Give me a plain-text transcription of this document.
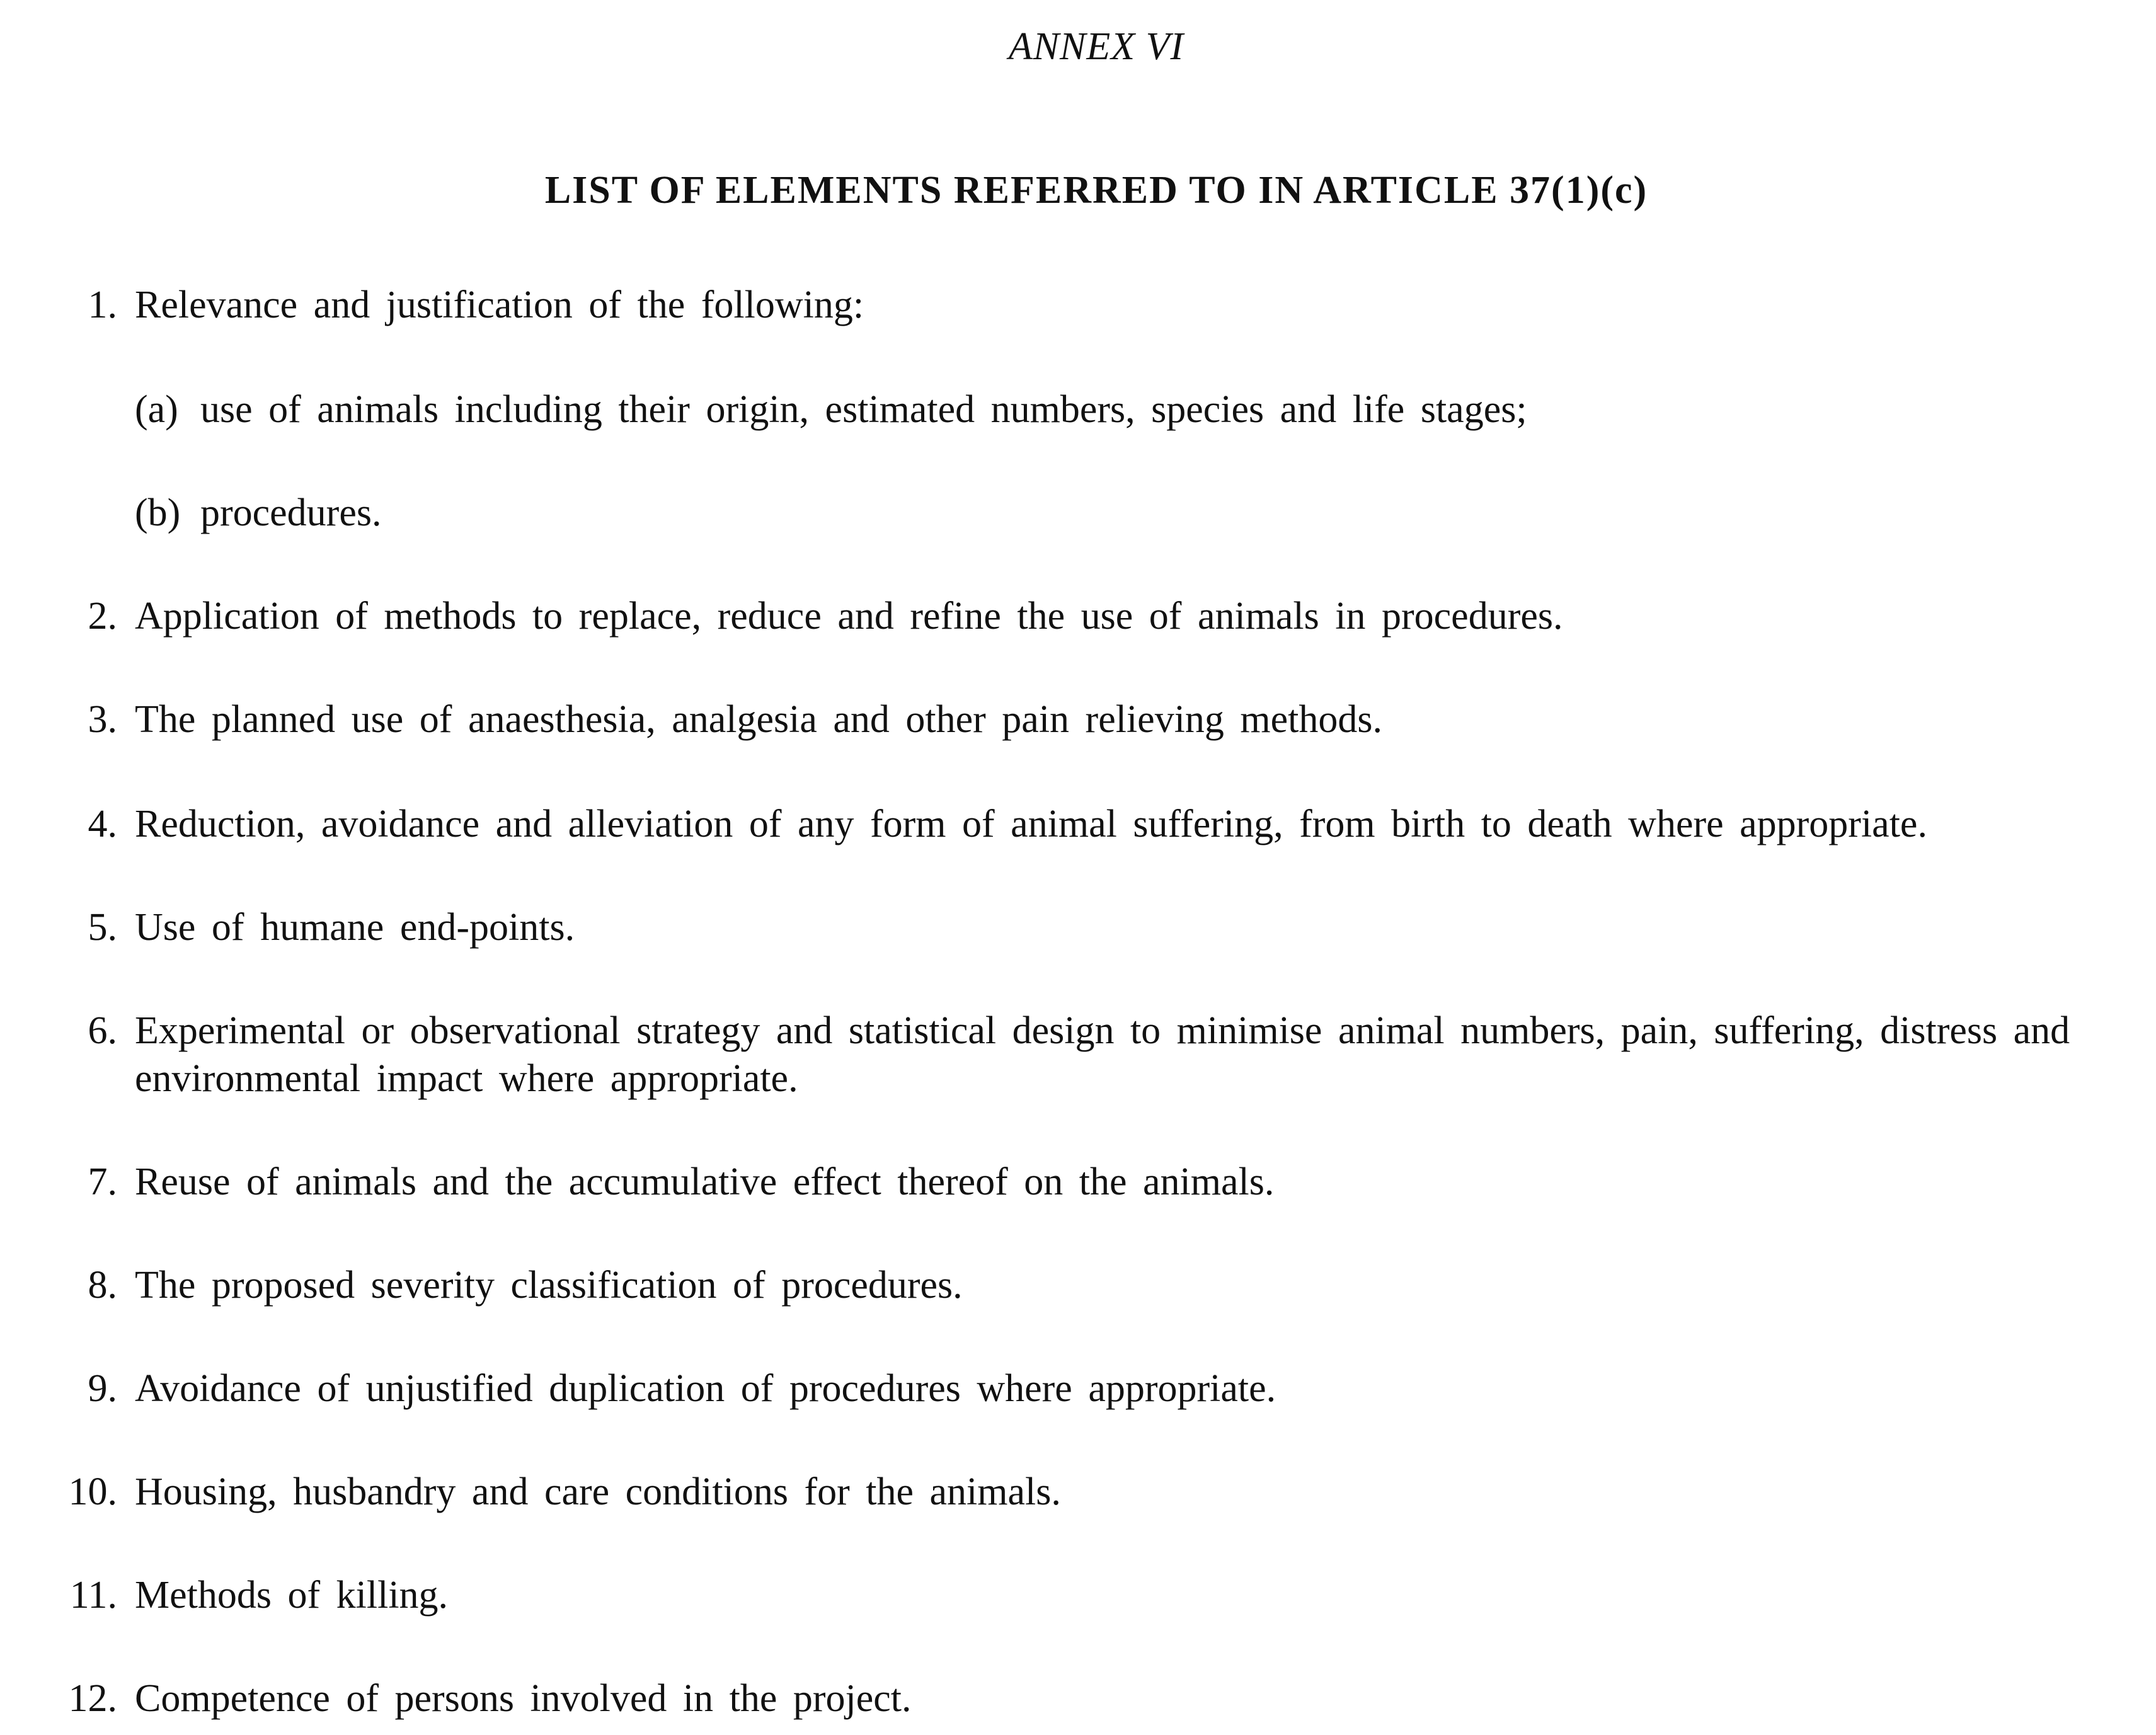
ANNEX VI
LIST OF ELEMENTS REFERRED TO IN ARTICLE 37(1)(c)
1. Relevance and justification of the following:
(a) use of animals including their origin, estimated numbers, species and life stages;
(b) procedures.
2. Application of methods to replace, reduce and refine the use of animals in procedures.
3. The planned use of anaesthesia, analgesia and other pain relieving methods.
4. Reduction, avoidance and alleviation of any form of animal suffering, from birth to death where appropriate.
5. Use of humane end-points.
6. Experimental or observational strategy and statistical design to minimise animal numbers, pain, suffering, distress and
environmental impact where appropriate.
7. Reuse of animals and the accumulative effect thereof on the animals.
8. The proposed severity classification of procedures.
9. Avoidance of unjustified duplication of procedures where appropriate.
10. Housing, husbandry and care conditions for the animals.
11. Methods of killing.
12. Competence of persons involved in the project.
